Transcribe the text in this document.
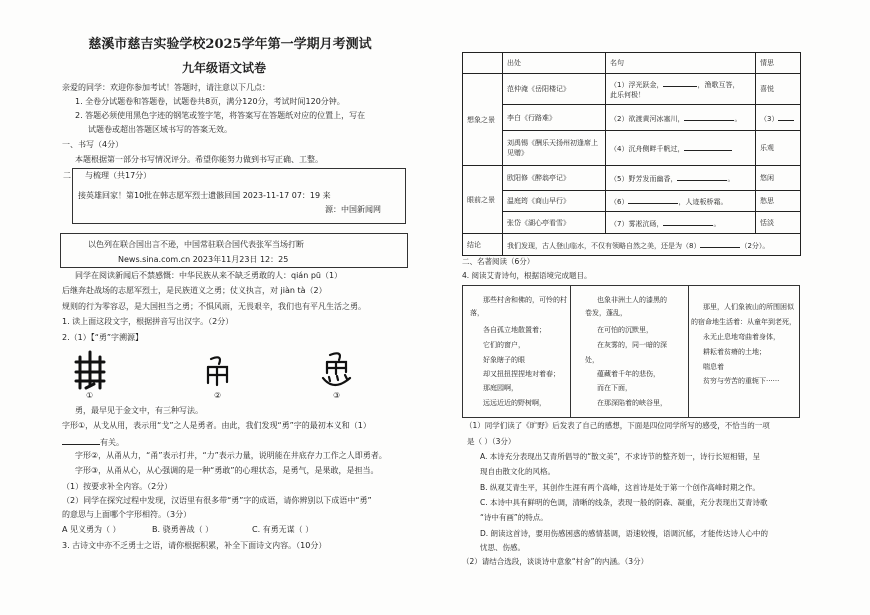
慈溪市慈吉实验学校2025学年第一学期月考测试
九年级语文试卷
亲爱的同学：欢迎你参加考试！答题时，请注意以下几点：
1. 全卷分试题卷和答题卷，试题卷共8页，满分120分，考试时间120分钟。
2. 答题必须使用黑色字迹的钢笔或签字笔，将答案写在答题纸对应的位置上，写在
试题卷或超出答题区域书写的答案无效。
一、书写（4分）
本题根据第一部分书写情况评分。希望你能努力做到书写正确、工整。
二 与梳理（共17分）
接英雄回家！第10批在韩志愿军烈士遗骸回国 2023-11-17 07：19 来
源：中国新闻网
以色列在联合国出言不逊，中国常驻联合国代表张军当场打断
News.sina.com.cn 2023年11月23日 12：25
同学在阅读新闻后不禁感慨：中华民族从来不缺乏勇敢的人：qián pū（1）
后继奔赴战场的志愿军烈士，是民族道义之勇；仗义执言，对 jiàn tà（2）
规则的行为零容忍，是大国担当之勇；不惧风雨，无畏艰辛，我们也有平凡生活之勇。
1. 读上面这段文字，根据拼音写出汉字。（2分）
2.（1）【“勇”字溯源】
①	②	③
勇，最早见于金文中，有三种写法。
字形①，从戈从用，表示用“戈”之人是勇者。由此，我们发现“勇”字的最初本义和（1）
有关。
字形②，从甬从力，“甬”表示打井，“力”表示力量，说明能在井底存力工作之人即勇者。
字形③，从甬从心，从心强调的是一种“勇敢”的心理状态，是勇气，是果敢，是担当。
（1）按要求补全内容。（2分）
（2）同学在探究过程中发现，汉语里有很多带“勇”字的成语，请你辨别以下成语中“勇”
的意思与上面哪个字形相符。（3分）
A 见义勇为（ ）	B. 骁勇善战（ ）	C. 有勇无谋（ ）
3. 古诗文中亦不乏勇士之语，请你根据积累，补全下面诗文内容。（10分）
	出处	名句	情思
想象之景	范仲淹《岳阳楼记》	（1）浮光跃金， ，渔歌互答，
此乐何极！	喜悦
	李白《行路难》	（2）欲渡黄河冰塞川， 。	（3）
	刘禹锡《酬乐天扬州初逢席上见赠》	（4）沉舟侧畔千帆过，	乐观
眼前之景	欧阳修《醉翁亭记》	（5）野芳发而幽香， 。	悠闲
	温庭筠《商山早行》	（6） ，人迹板桥霜。	愁思
	张岱《湖心亭看雪》	（7）雾凇沆砀， 。	恬淡
结论	我们发现，古人登山临水，不仅有领略自然之美，还是为（8） （2分）。		
二、名著阅读（6分）
4. 阅读艾青诗句，根据语境完成题目。
那些村舍和佛的，可怜的村
落，
各自孤立地散置着；
它们的窗户，
好象瞎子的眼
却又扭扭捏捏地对着春；
那庭园啊，
远远近近的野树啊，
也象非洲土人的漆黑的
卷发，蓬乱，
在可怕的沉默里，
在灰雾的，同一暗的深
处，
蕴藏着千年的悲伤，
而在下面，
在那深陷着的峡谷里，
那里，人们象被山的所围困似
的宿命地生活着：从童年到老死，
永无止息地弯曲着身体，
耕耘着贫瘠的土地；
喘息着
贫穷与劳苦的重轭下······
（1）同学们读了《旷野》后发表了自己的感想，下面是四位同学所写的感受，不恰当的一项
是（ ）（3分）
A. 本诗充分表现出艾青所倡导的“散文美”，不求诗节的整齐划一，诗行长短相错，呈
现自由散文化的风格。
B. 纵观艾青生平，其创作生涯有两个高峰，这首诗是处于第一个创作高峰时期之作。
C. 本诗中具有鲜明的色调，清晰的线条，表现一般的阴森、凝重，充分表现出艾青诗歌
“诗中有画”的特点。
D. 朗读这首诗，要用伤感困惑的感情基调，语速较慢，语调沉郁，才能传达诗人心中的
忧思、伤感。
（2）请结合选段，谈谈诗中意象“村舍”的内涵。（3分）
